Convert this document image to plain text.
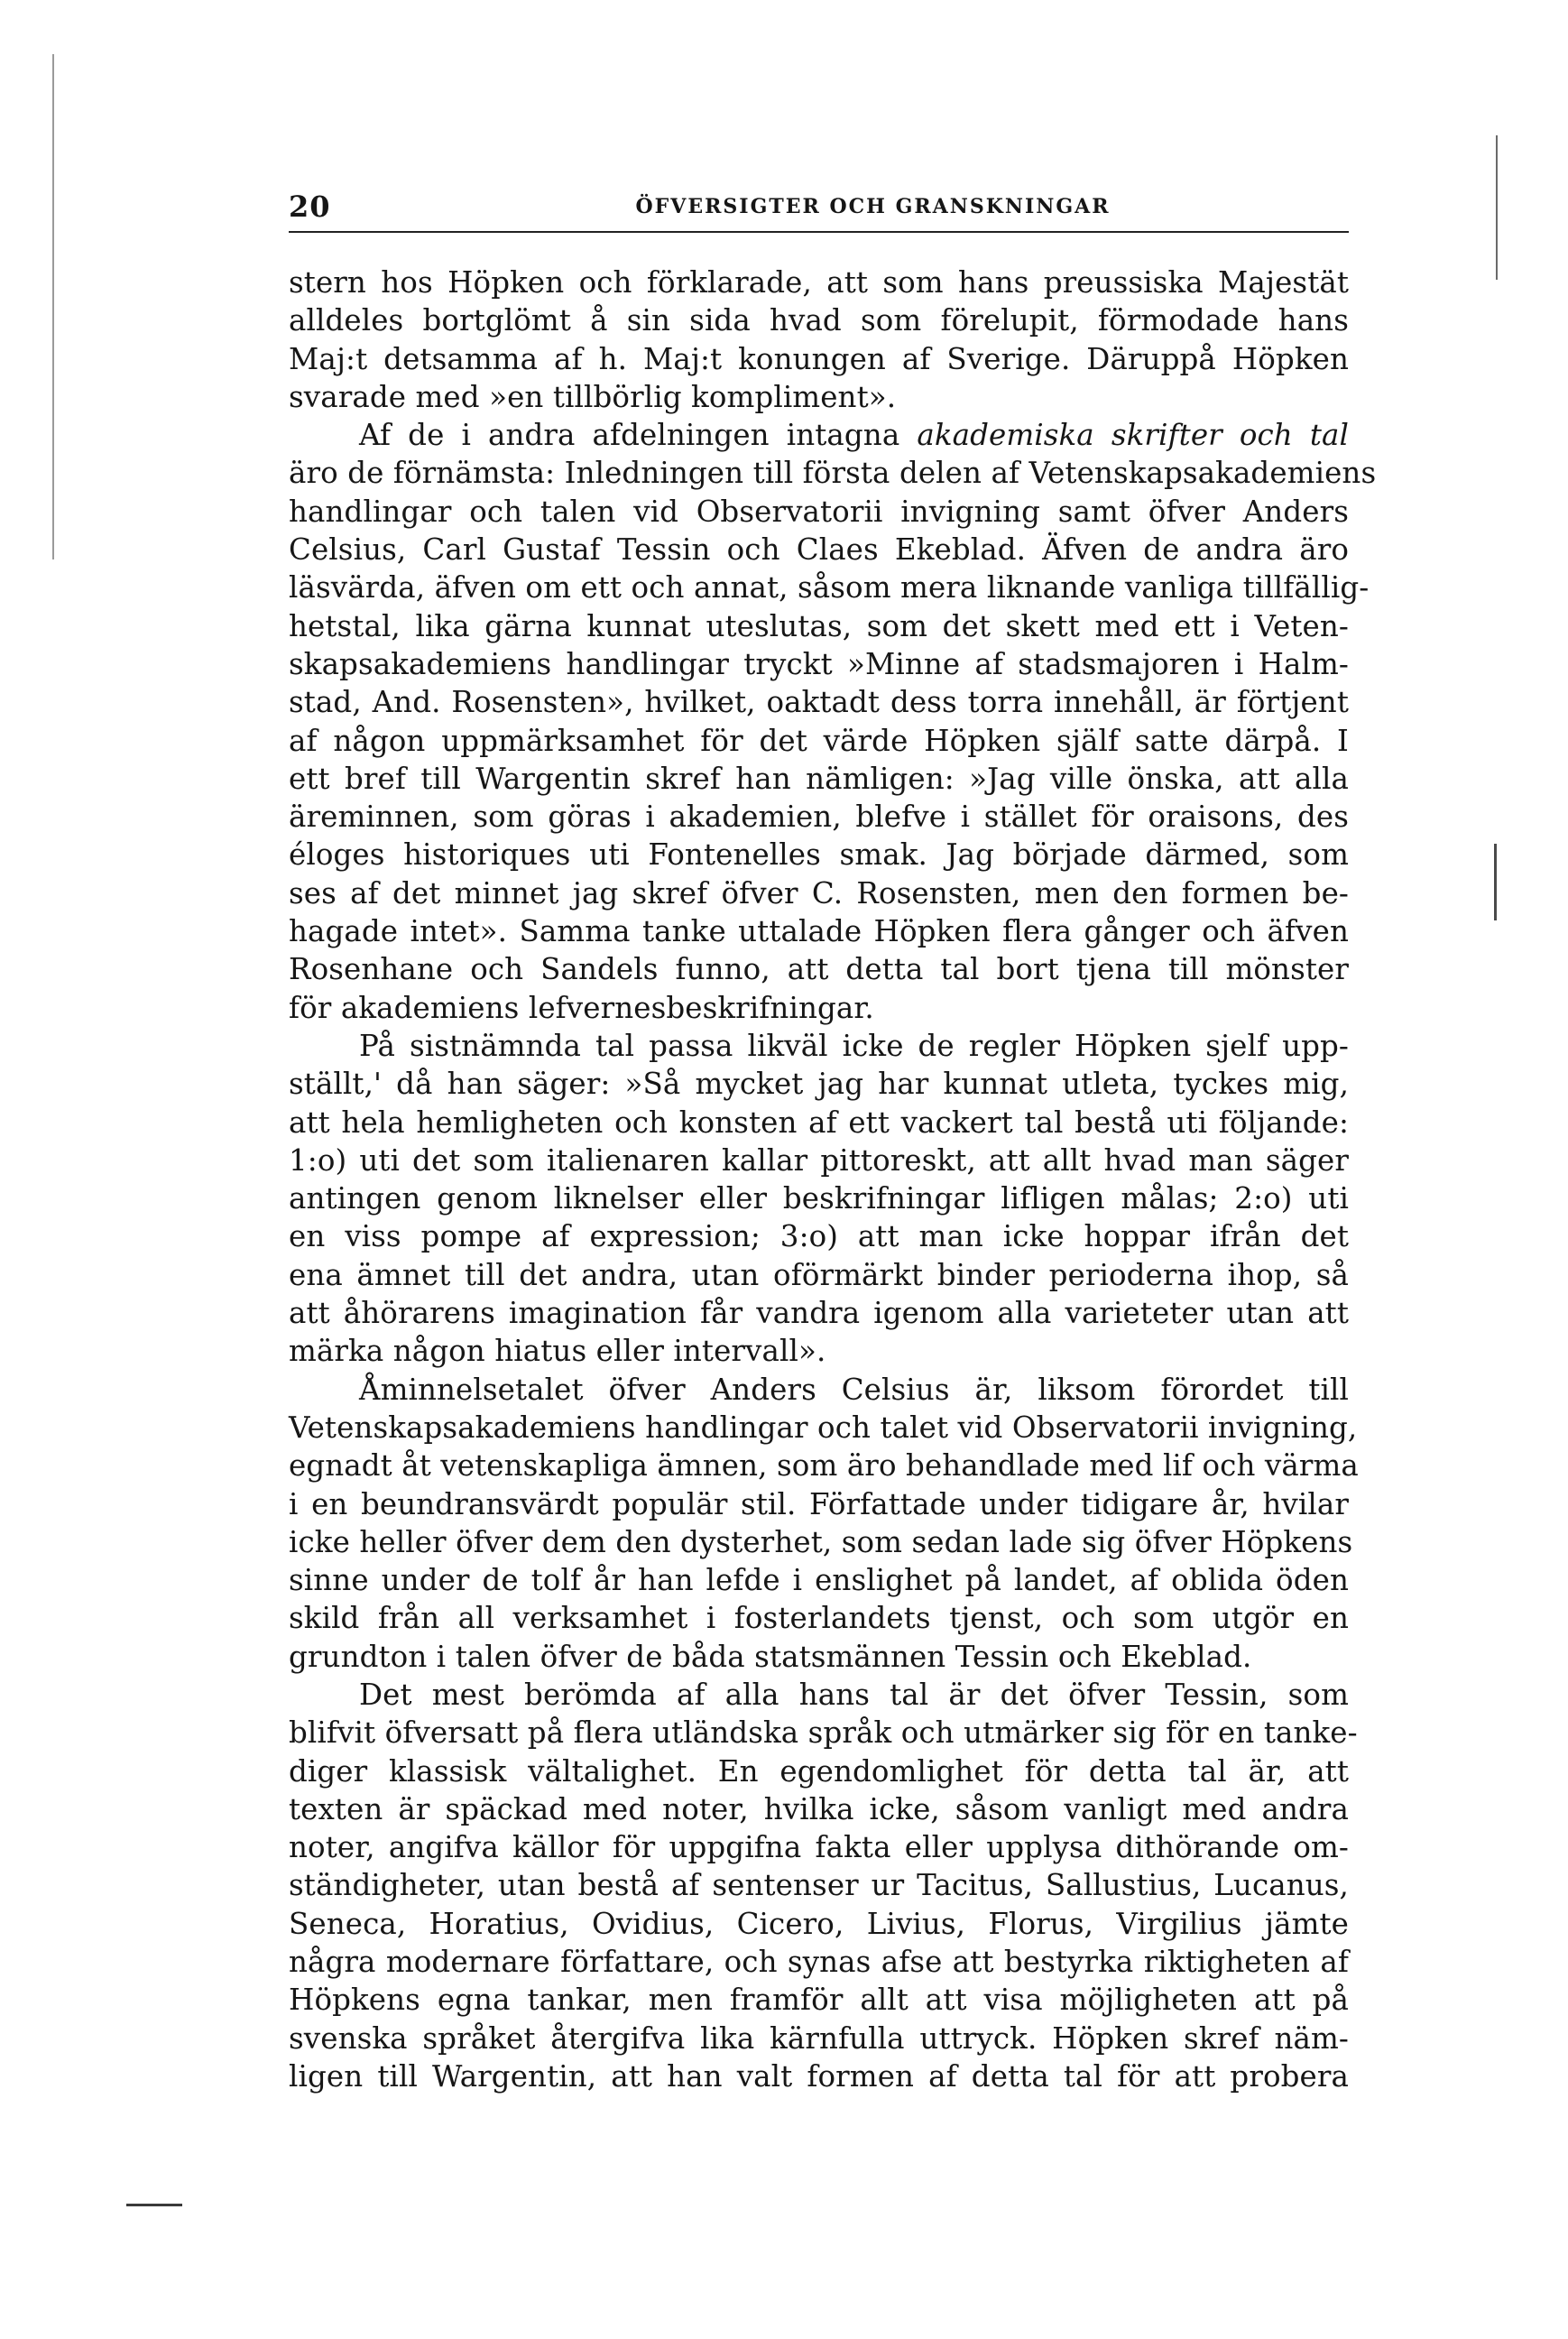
20	ÖFVERSIGTER OCH GRANSKNINGAR
stern hos Höpken och förklarade, att som hans preussiska Majestät
alldeles bortglömt å sin sida hvad som förelupit, förmodade hans
Maj:t detsamma af h. Maj:t konungen af Sverige. Däruppå Höpken
svarade med »en tillbörlig kompliment».
Af de i andra afdelningen intagna akademiska skrifter och tal
äro de förnämsta: Inledningen till första delen af Vetenskapsakademiens
handlingar och talen vid Observatorii invigning samt öfver Anders
Celsius, Carl Gustaf Tessin och Claes Ekeblad. Äfven de andra äro
läsvärda, äfven om ett och annat, såsom mera liknande vanliga tillfällig-
hetstal, lika gärna kunnat uteslutas, som det skett med ett i Veten-
skapsakademiens handlingar tryckt »Minne af stadsmajoren i Halm-
stad, And. Rosensten», hvilket, oaktadt dess torra innehåll, är förtjent
af någon uppmärksamhet för det värde Höpken själf satte därpå. I
ett bref till Wargentin skref han nämligen: »Jag ville önska, att alla
äreminnen, som göras i akademien, blefve i stället för oraisons, des
éloges historiques uti Fontenelles smak. Jag började därmed, som
ses af det minnet jag skref öfver C. Rosensten, men den formen be-
hagade intet». Samma tanke uttalade Höpken flera gånger och äfven
Rosenhane och Sandels funno, att detta tal bort tjena till mönster
för akademiens lefvernesbeskrifningar.
På sistnämnda tal passa likväl icke de regler Höpken sjelf upp-
ställt,' då han säger: »Så mycket jag har kunnat utleta, tyckes mig,
att hela hemligheten och konsten af ett vackert tal bestå uti följande:
1:o) uti det som italienaren kallar pittoreskt, att allt hvad man säger
antingen genom liknelser eller beskrifningar lifligen målas; 2:o) uti
en viss pompe af expression; 3:o) att man icke hoppar ifrån det
ena ämnet till det andra, utan oförmärkt binder perioderna ihop, så
att åhörarens imagination får vandra igenom alla varieteter utan att
märka någon hiatus eller intervall».
Åminnelsetalet öfver Anders Celsius är, liksom förordet till
Vetenskapsakademiens handlingar och talet vid Observatorii invigning,
egnadt åt vetenskapliga ämnen, som äro behandlade med lif och värma
i en beundransvärdt populär stil. Författade under tidigare år, hvilar
icke heller öfver dem den dysterhet, som sedan lade sig öfver Höpkens
sinne under de tolf år han lefde i enslighet på landet, af oblida öden
skild från all verksamhet i fosterlandets tjenst, och som utgör en
grundton i talen öfver de båda statsmännen Tessin och Ekeblad.
Det mest berömda af alla hans tal är det öfver Tessin, som
blifvit öfversatt på flera utländska språk och utmärker sig för en tanke-
diger klassisk vältalighet. En egendomlighet för detta tal är, att
texten är späckad med noter, hvilka icke, såsom vanligt med andra
noter, angifva källor för uppgifna fakta eller upplysa dithörande om-
ständigheter, utan bestå af sentenser ur Tacitus, Sallustius, Lucanus,
Seneca, Horatius, Ovidius, Cicero, Livius, Florus, Virgilius jämte
några modernare författare, och synas afse att bestyrka riktigheten af
Höpkens egna tankar, men framför allt att visa möjligheten att på
svenska språket återgifva lika kärnfulla uttryck. Höpken skref näm-
ligen till Wargentin, att han valt formen af detta tal för att probera
